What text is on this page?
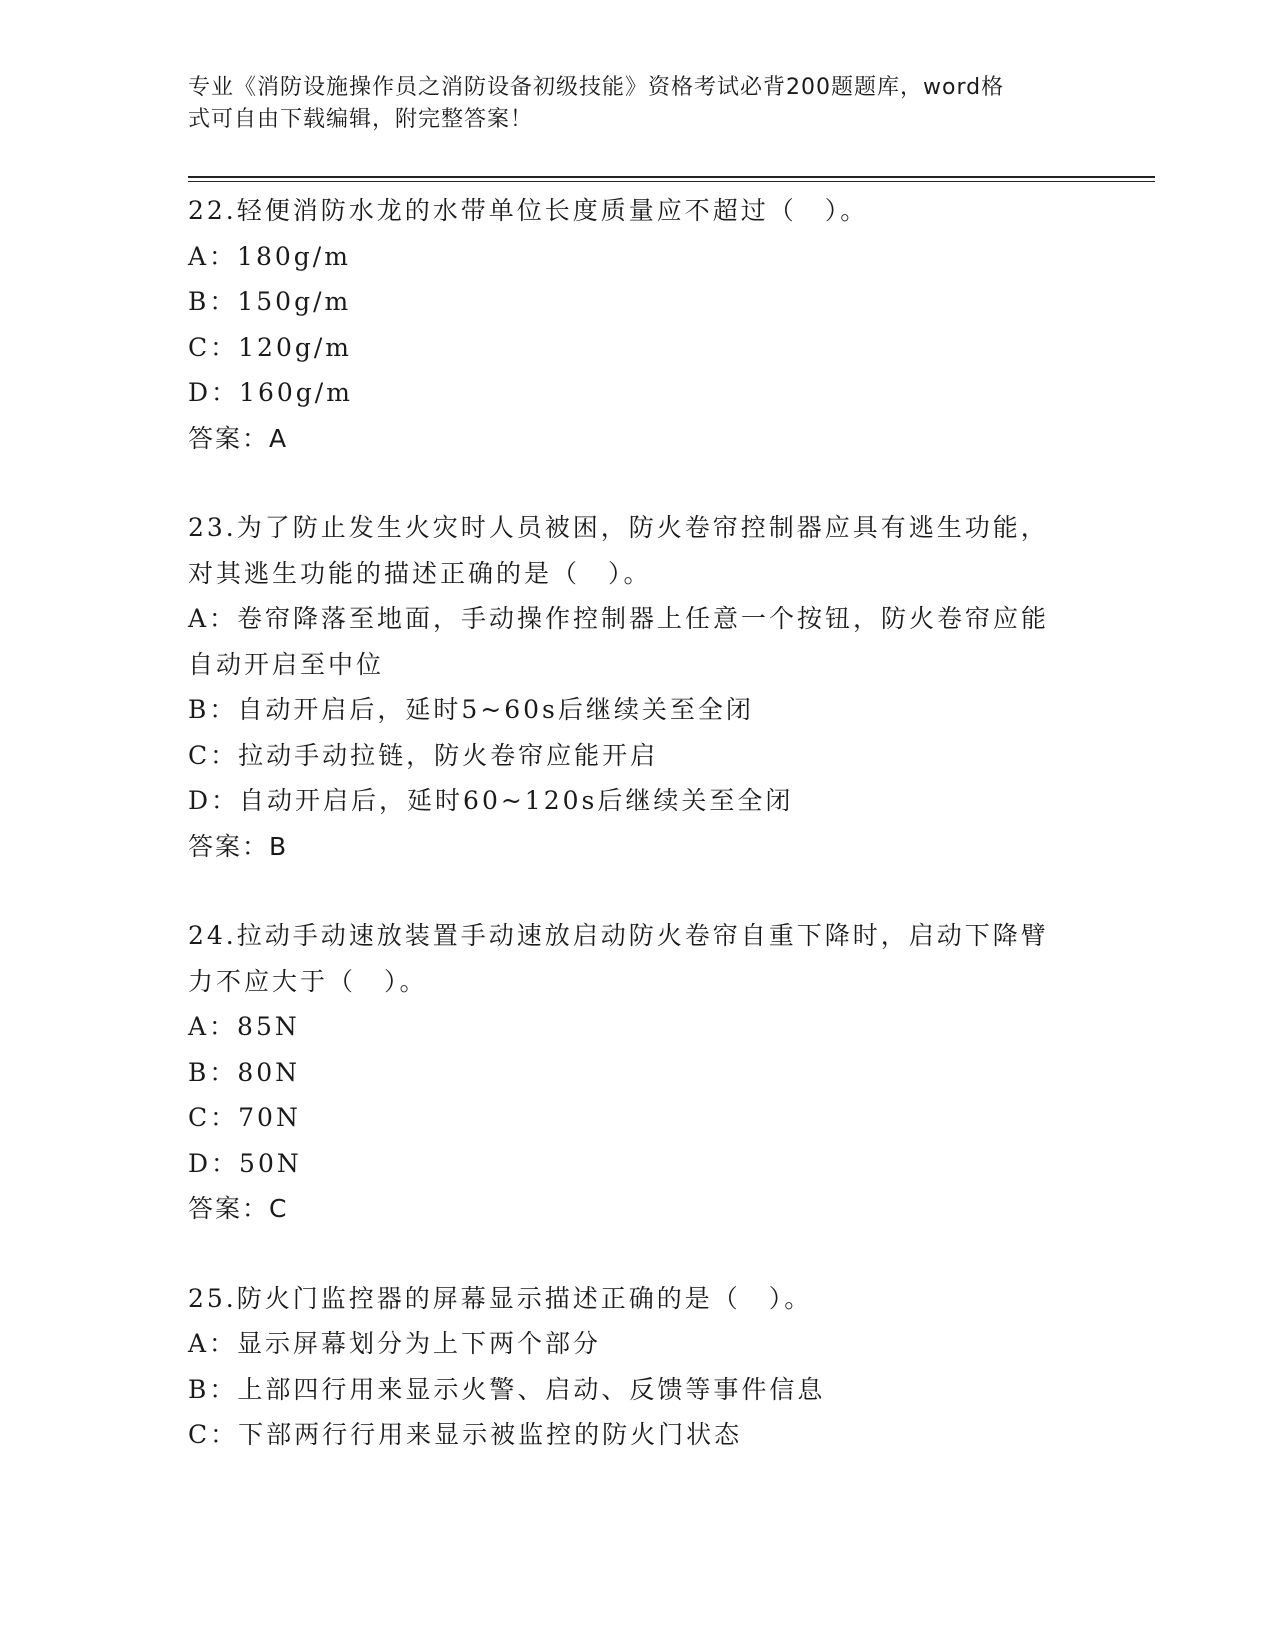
专业《消防设施操作员之消防设备初级技能》资格考试必背200题题库，word格
式可自由下载编辑，附完整答案！
22.轻便消防水龙的水带单位长度质量应不超过（　）。
A：180g/m
B：150g/m
C：120g/m
D：160g/m
答案：A
23.为了防止发生火灾时人员被困，防火卷帘控制器应具有逃生功能，
对其逃生功能的描述正确的是（　）。
A：卷帘降落至地面，手动操作控制器上任意一个按钮，防火卷帘应能
自动开启至中位
B：自动开启后，延时5~60s后继续关至全闭
C：拉动手动拉链，防火卷帘应能开启
D：自动开启后，延时60~120s后继续关至全闭
答案：B
24.拉动手动速放装置手动速放启动防火卷帘自重下降时，启动下降臂
力不应大于（　）。
A：85N
B：80N
C：70N
D：50N
答案：C
25.防火门监控器的屏幕显示描述正确的是（　）。
A：显示屏幕划分为上下两个部分
B：上部四行用来显示火警、启动、反馈等事件信息
C：下部两行行用来显示被监控的防火门状态
